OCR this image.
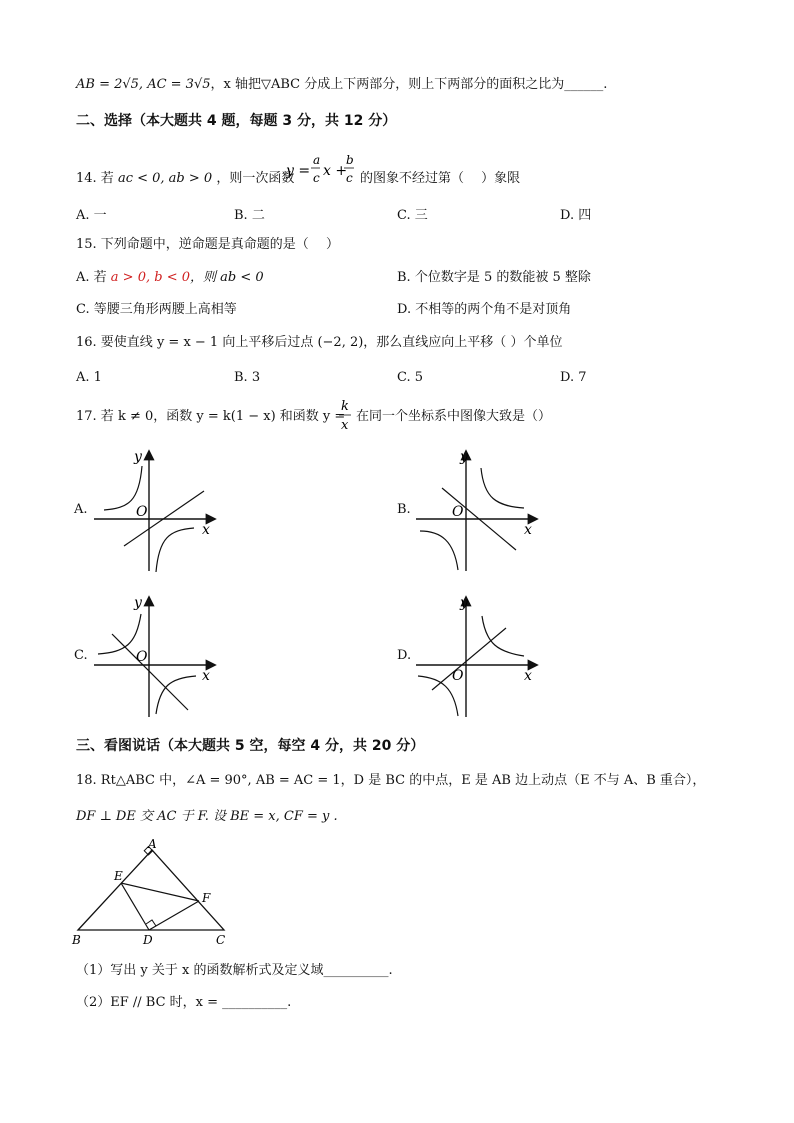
AB = 2√5, AC = 3√5，x 轴把▽ABC 分成上下两部分，则上下两部分的面积之比为______.
二、选择（本大题共 4 题，每题 3 分，共 12 分）
14. 若 ac < 0, ab > 0 ，则一次函数
y =
a
c x +
b
c 的图象不经过第（　 ）象限
A. 一	B. 二	C. 三	D. 四
15. 下列命题中，逆命题是真命题的是（　 ）
A. 若 a > 0, b < 0，则 ab < 0	B. 个位数字是 5 的数能被 5 整除
C. 等腰三角形两腰上高相等	D. 不相等的两个角不是对顶角
16. 要使直线 y = x − 1 向上平移后过点 (−2, 2)，那么直线应向上平移（ ）个单位
A. 1	B. 3	C. 5	D. 7
17. 若 k ≠ 0，函数 y = k(1 − x) 和函数 y =
k
x
在同一个坐标系中图像大致是（）
A.	O
x
y
B.	O
x
y
C.	O
x
y
D.
O	x
y
三、看图说话（本大题共 5 空，每空 4 分，共 20 分）
18. Rt△ABC 中，∠A = 90°, AB = AC = 1，D 是 BC 的中点，E 是 AB 边上动点（E 不与 A、B 重合），
DF ⊥ DE 交 AC 于 F. 设 BE = x, CF = y .
A
B	C
D
E
F
（1）写出 y 关于 x 的函数解析式及定义域__________.
（2）EF // BC 时，x = __________.
